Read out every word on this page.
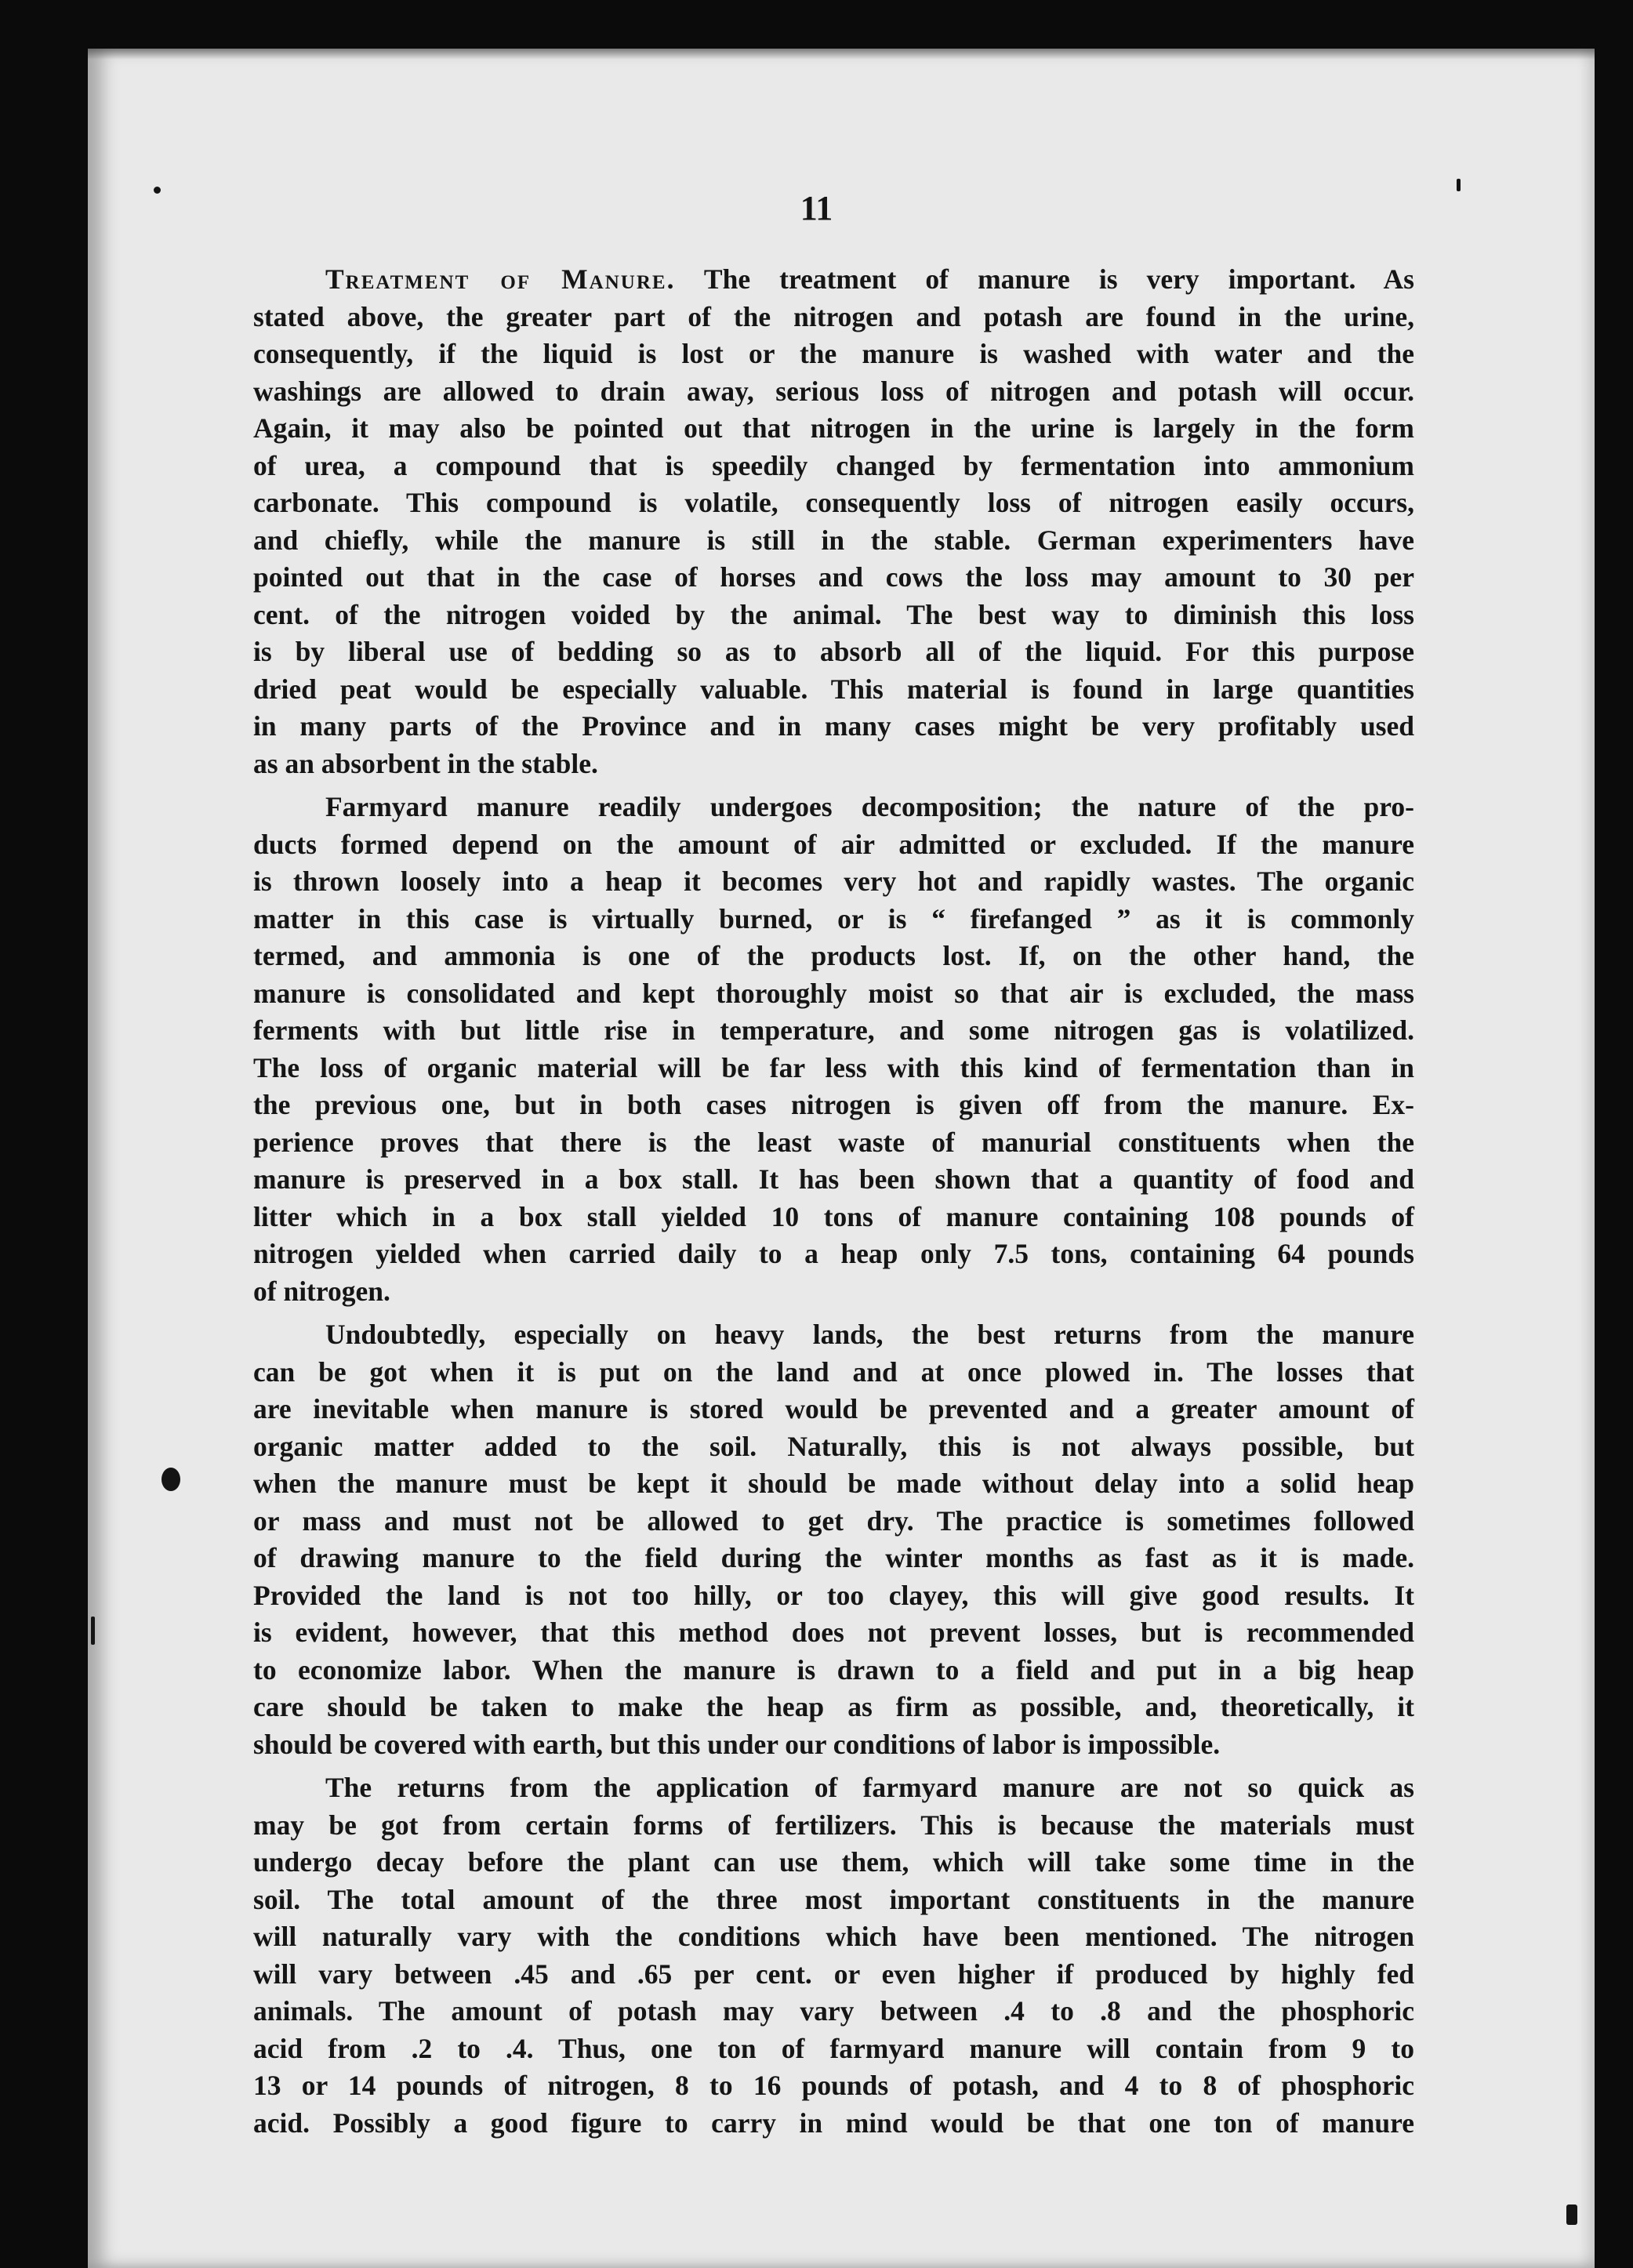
11
Treatment of Manure. The treatment of manure is very important. As
stated above, the greater part of the nitrogen and potash are found in the urine,
consequently, if the liquid is lost or the manure is washed with water and the
washings are allowed to drain away, serious loss of nitrogen and potash will occur.
Again, it may also be pointed out that nitrogen in the urine is largely in the form
of urea, a compound that is speedily changed by fermentation into ammonium
carbonate. This compound is volatile, consequently loss of nitrogen easily occurs,
and chiefly, while the manure is still in the stable. German experimenters have
pointed out that in the case of horses and cows the loss may amount to 30 per
cent. of the nitrogen voided by the animal. The best way to diminish this loss
is by liberal use of bedding so as to absorb all of the liquid. For this purpose
dried peat would be especially valuable. This material is found in large quantities
in many parts of the Province and in many cases might be very profitably used
as an absorbent in the stable.
Farmyard manure readily undergoes decomposition; the nature of the pro-
ducts formed depend on the amount of air admitted or excluded. If the manure
is thrown loosely into a heap it becomes very hot and rapidly wastes. The organic
matter in this case is virtually burned, or is “ firefanged ” as it is commonly
termed, and ammonia is one of the products lost. If, on the other hand, the
manure is consolidated and kept thoroughly moist so that air is excluded, the mass
ferments with but little rise in temperature, and some nitrogen gas is volatilized.
The loss of organic material will be far less with this kind of fermentation than in
the previous one, but in both cases nitrogen is given off from the manure. Ex-
perience proves that there is the least waste of manurial constituents when the
manure is preserved in a box stall. It has been shown that a quantity of food and
litter which in a box stall yielded 10 tons of manure containing 108 pounds of
nitrogen yielded when carried daily to a heap only 7.5 tons, containing 64 pounds
of nitrogen.
Undoubtedly, especially on heavy lands, the best returns from the manure
can be got when it is put on the land and at once plowed in. The losses that
are inevitable when manure is stored would be prevented and a greater amount of
organic matter added to the soil. Naturally, this is not always possible, but
when the manure must be kept it should be made without delay into a solid heap
or mass and must not be allowed to get dry. The practice is sometimes followed
of drawing manure to the field during the winter months as fast as it is made.
Provided the land is not too hilly, or too clayey, this will give good results. It
is evident, however, that this method does not prevent losses, but is recommended
to economize labor. When the manure is drawn to a field and put in a big heap
care should be taken to make the heap as firm as possible, and, theoretically, it
should be covered with earth, but this under our conditions of labor is impossible.
The returns from the application of farmyard manure are not so quick as
may be got from certain forms of fertilizers. This is because the materials must
undergo decay before the plant can use them, which will take some time in the
soil. The total amount of the three most important constituents in the manure
will naturally vary with the conditions which have been mentioned. The nitrogen
will vary between .45 and .65 per cent. or even higher if produced by highly fed
animals. The amount of potash may vary between .4 to .8 and the phosphoric
acid from .2 to .4. Thus, one ton of farmyard manure will contain from 9 to
13 or 14 pounds of nitrogen, 8 to 16 pounds of potash, and 4 to 8 of phosphoric
acid. Possibly a good figure to carry in mind would be that one ton of manure
